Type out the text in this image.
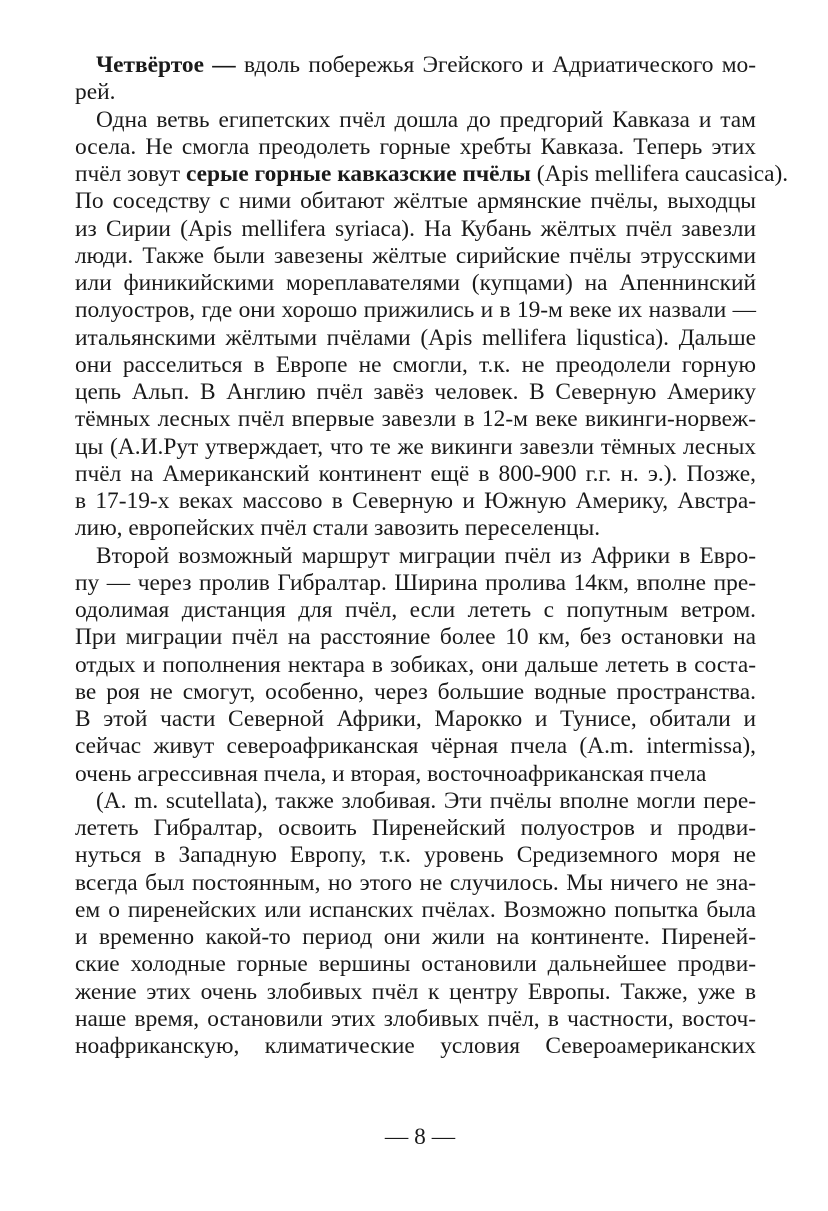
Четвёртое — вдоль побережья Эгейского и Адриатического мо-
рей.
Одна ветвь египетских пчёл дошла до предгорий Кавказа и там
осела. Не смогла преодолеть горные хребты Кавказа. Теперь этих
пчёл зовут серые горные кавказские пчёлы (Apis mellifera caucasica).
По соседству с ними обитают жёлтые армянские пчёлы, выходцы
из Сирии (Apis mellifera syriaca). На Кубань жёлтых пчёл завезли
люди. Также были завезены жёлтые сирийские пчёлы этрусскими
или финикийскими мореплавателями (купцами) на Апеннинский
полуостров, где они хорошо прижились и в 19-м веке их назвали —
итальянскими жёлтыми пчёлами (Apis mellifera liqustica). Дальше
они расселиться в Европе не смогли, т.к. не преодолели горную
цепь Альп. В Англию пчёл завёз человек. В Северную Америку
тёмных лесных пчёл впервые завезли в 12-м веке викинги-норвеж-
цы (А.И.Рут утверждает, что те же викинги завезли тёмных лесных
пчёл на Американский континент ещё в 800-900 г.г. н. э.). Позже,
в 17-19-х веках массово в Северную и Южную Америку, Австра-
лию, европейских пчёл стали завозить переселенцы.
Второй возможный маршрут миграции пчёл из Африки в Евро-
пу — через пролив Гибралтар. Ширина пролива 14км, вполне пре-
одолимая дистанция для пчёл, если лететь с попутным ветром.
При миграции пчёл на расстояние более 10 км, без остановки на
отдых и пополнения нектара в зобиках, они дальше лететь в соста-
ве роя не смогут, особенно, через большие водные пространства.
В этой части Северной Африки, Марокко и Тунисе, обитали и
сейчас живут североафриканская чёрная пчела (A.m. intermissa),
очень агрессивная пчела, и вторая, восточноафриканская пчела
(A. m. scutellata), также злобивая. Эти пчёлы вполне могли пере-
лететь Гибралтар, освоить Пиренейский полуостров и продви-
нуться в Западную Европу, т.к. уровень Средиземного моря не
всегда был постоянным, но этого не случилось. Мы ничего не зна-
ем о пиренейских или испанских пчёлах. Возможно попытка была
и временно какой-то период они жили на континенте. Пиреней-
ские холодные горные вершины остановили дальнейшее продви-
жение этих очень злобивых пчёл к центру Европы. Также, уже в
наше время, остановили этих злобивых пчёл, в частности, восточ-
ноафриканскую, климатические условия Североамериканских
— 8 —
